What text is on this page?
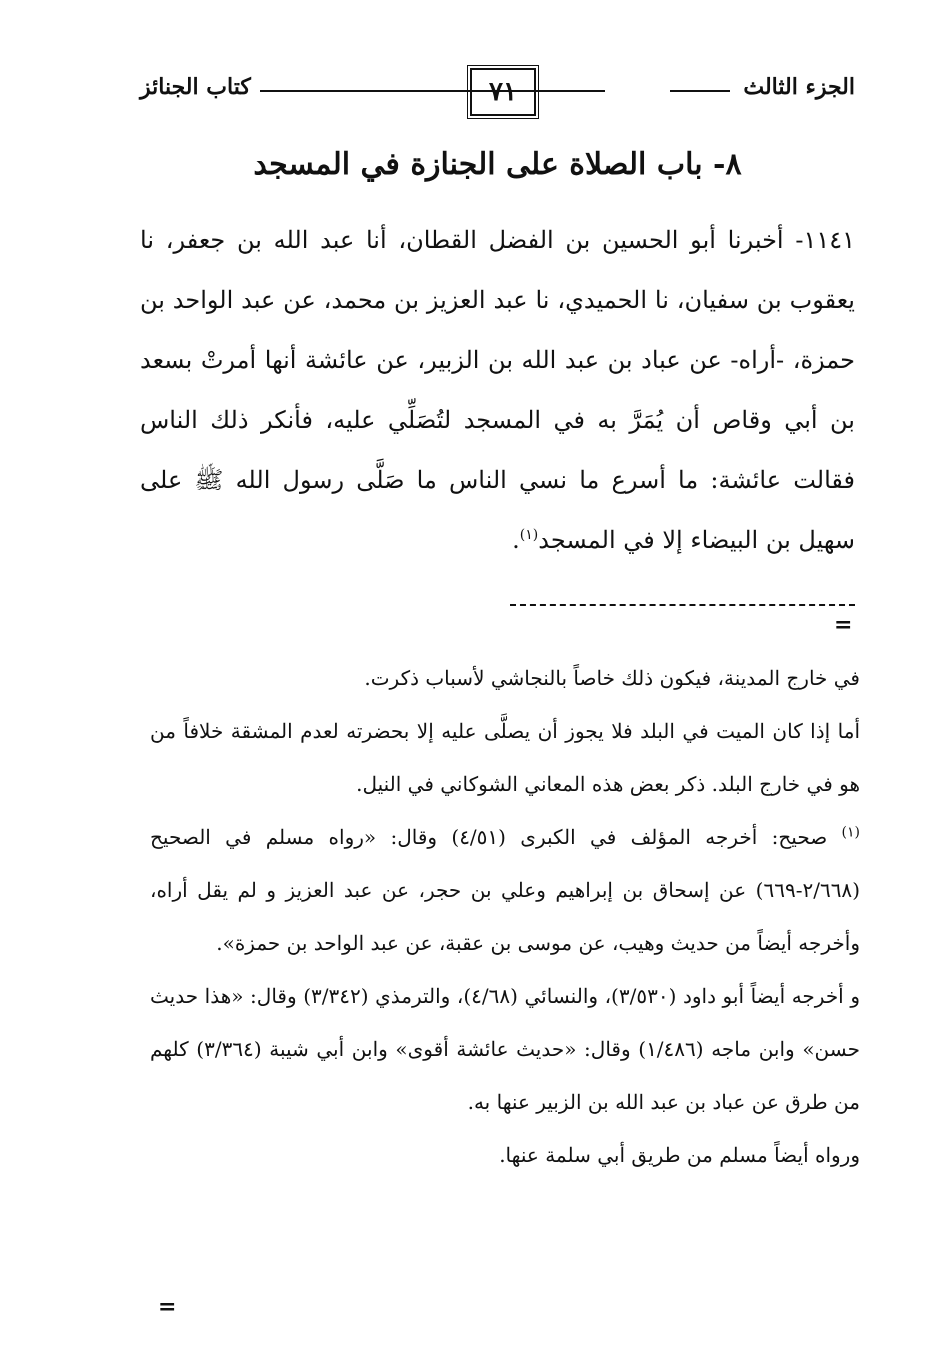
كتاب الجنائز	٧١	الجزء الثالث
٨- باب الصلاة على الجنازة في المسجد

١١٤١- أخبرنا أبو الحسين بن الفضل القطان، أنا عبد الله بن جعفر، نا يعقوب بن سفيان، نا الحميدي، نا عبد العزيز بن محمد، عن عبد الواحد بن حمزة، -أراه- عن عباد بن عبد الله بن الزبير، عن عائشة أنها أمرتْ بسعد بن أبي وقاص أن يُمَرَّ به في المسجد لتُصَلِّي عليه، فأنكر ذلك الناس فقالت عائشة: ما أسرع ما نسي الناس ما صَلَّى رسول الله ﷺ على سهيل بن البيضاء إلا في المسجد$^{(١)}$.

=

في خارج المدينة، فيكون ذلك خاصاً بالنجاشي لأسباب ذكرت.

أما إذا كان الميت في البلد فلا يجوز أن يصلَّى عليه إلا بحضرته لعدم المشقة خلافاً من هو في خارج البلد. ذكر بعض هذه المعاني الشوكاني في النيل.

$^{(١)}$ صحيح: أخرجه المؤلف في الكبرى (٤/٥١) وقال: «رواه مسلم في الصحيح (٢/٦٦٨-٦٦٩) عن إسحاق بن إبراهيم وعلي بن حجر، عن عبد العزيز و لم يقل أراه، وأخرجه أيضاً من حديث وهيب، عن موسى بن عقبة، عن عبد الواحد بن حمزة».

و أخرجه أيضاً أبو داود (٣/٥٣٠)، والنسائي (٤/٦٨)، والترمذي (٣/٣٤٢) وقال: «هذا حديث حسن» وابن ماجه (١/٤٨٦) وقال: «حديث عائشة أقوى» وابن أبي شيبة (٣/٣٦٤) كلهم من طرق عن عباد بن عبد الله بن الزبير عنها به.

ورواه أيضاً مسلم من طريق أبي سلمة عنها.

=
